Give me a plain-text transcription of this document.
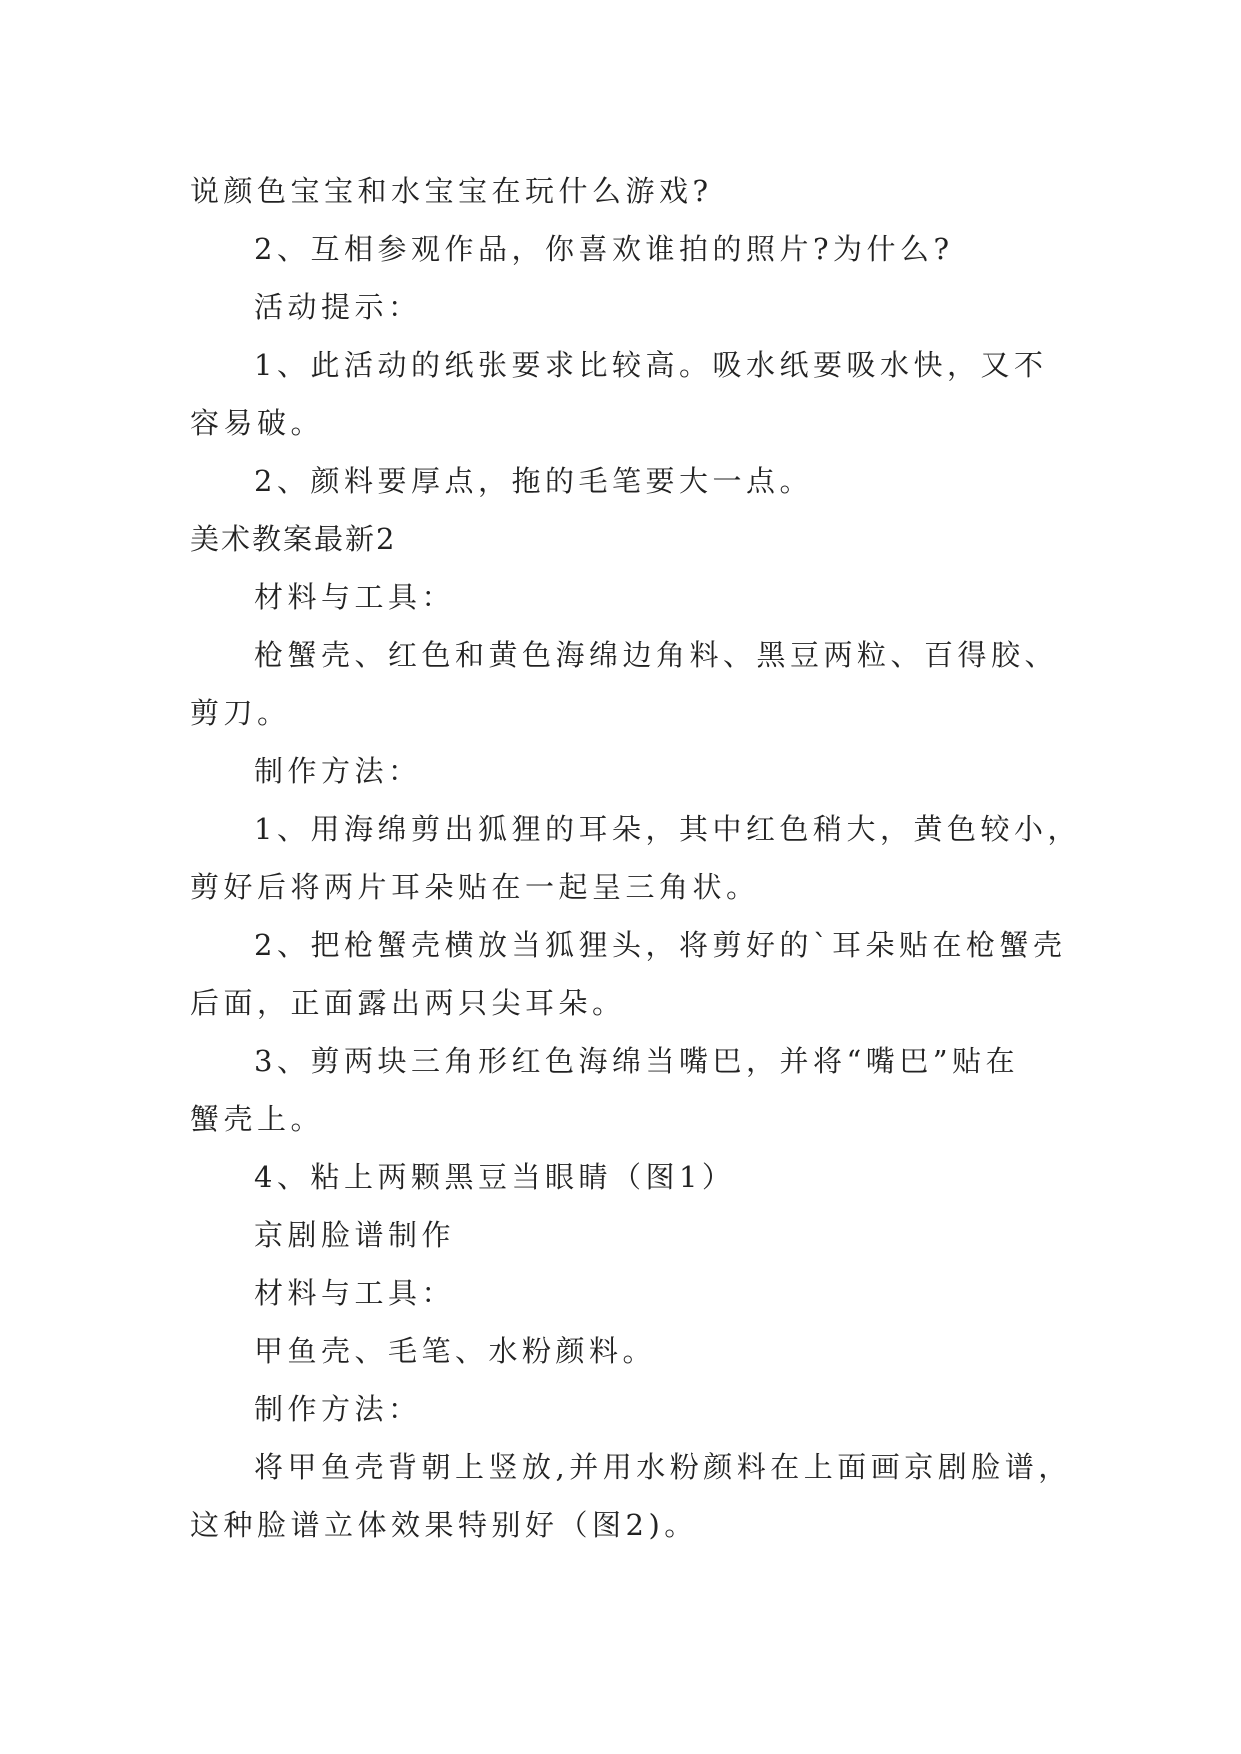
说颜色宝宝和水宝宝在玩什么游戏?
2、互相参观作品，你喜欢谁拍的照片?为什么?
活动提示：
1、此活动的纸张要求比较高。吸水纸要吸水快，又不
容易破。
2、颜料要厚点，拖的毛笔要大一点。
美术教案最新2
材料与工具：
枪蟹壳、红色和黄色海绵边角料、黑豆两粒、百得胶、
剪刀。
制作方法：
1、用海绵剪出狐狸的耳朵，其中红色稍大，黄色较小，
剪好后将两片耳朵贴在一起呈三角状。
2、把枪蟹壳横放当狐狸头，将剪好的`耳朵贴在枪蟹壳
后面，正面露出两只尖耳朵。
3、剪两块三角形红色海绵当嘴巴，并将“嘴巴”贴在
蟹壳上。
4、粘上两颗黑豆当眼睛（图1）
京剧脸谱制作
材料与工具：
甲鱼壳、毛笔、水粉颜料。
制作方法：
将甲鱼壳背朝上竖放,并用水粉颜料在上面画京剧脸谱，
这种脸谱立体效果特别好（图2)。
